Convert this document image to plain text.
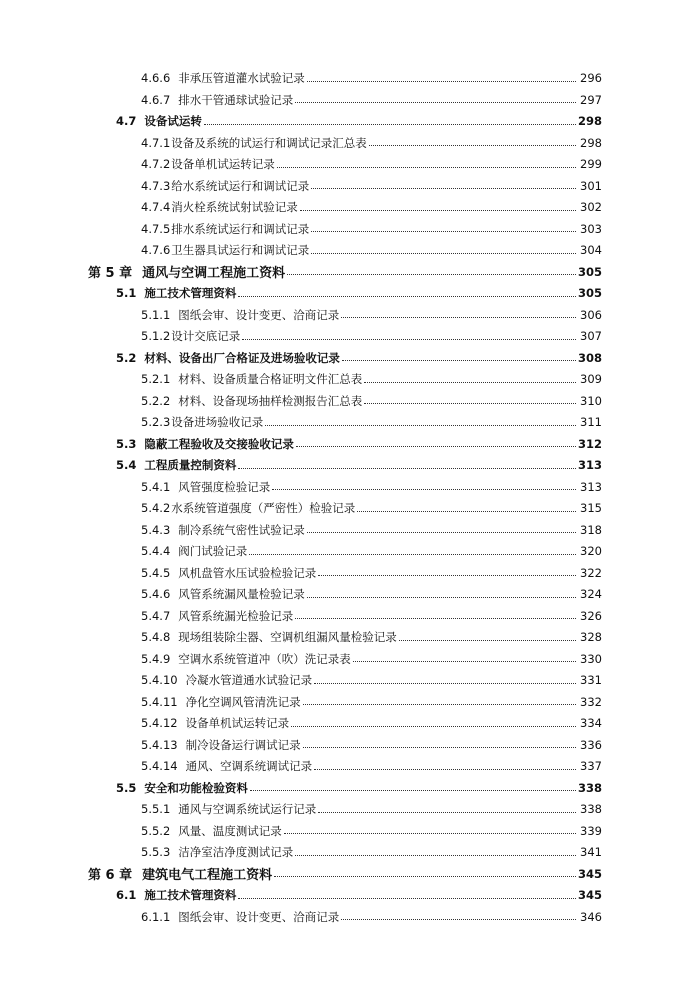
4.6.6 非承压管道灌水试验记录	296
4.6.7 排水干管通球试验记录	297
4.7 设备试运转	298
4.7.1 设备及系统的试运行和调试记录汇总表	298
4.7.2 设备单机试运转记录	299
4.7.3 给水系统试运行和调试记录	301
4.7.4 消火栓系统试射试验记录	302
4.7.5 排水系统试运行和调试记录	303
4.7.6 卫生器具试运行和调试记录	304
第 5 章 通风与空调工程施工资料	305
5.1 施工技术管理资料	305
5.1.1 图纸会审、设计变更、洽商记录	306
5.1.2 设计交底记录	307
5.2 材料、设备出厂合格证及进场验收记录	308
5.2.1 材料、设备质量合格证明文件汇总表	309
5.2.2 材料、设备现场抽样检测报告汇总表	310
5.2.3 设备进场验收记录	311
5.3 隐蔽工程验收及交接验收记录	312
5.4 工程质量控制资料	313
5.4.1 风管强度检验记录	313
5.4.2 水系统管道强度（严密性）检验记录	315
5.4.3 制冷系统气密性试验记录	318
5.4.4 阀门试验记录	320
5.4.5 风机盘管水压试验检验记录	322
5.4.6 风管系统漏风量检验记录	324
5.4.7 风管系统漏光检验记录	326
5.4.8 现场组装除尘器、空调机组漏风量检验记录	328
5.4.9 空调水系统管道冲（吹）洗记录表	330
5.4.10 冷凝水管道通水试验记录	331
5.4.11 净化空调风管清洗记录	332
5.4.12 设备单机试运转记录	334
5.4.13 制冷设备运行调试记录	336
5.4.14 通风、空调系统调试记录	337
5.5 安全和功能检验资料	338
5.5.1 通风与空调系统试运行记录	338
5.5.2 风量、温度测试记录	339
5.5.3 洁净室洁净度测试记录	341
第 6 章 建筑电气工程施工资料	345
6.1 施工技术管理资料	345
6.1.1 图纸会审、设计变更、洽商记录	346
